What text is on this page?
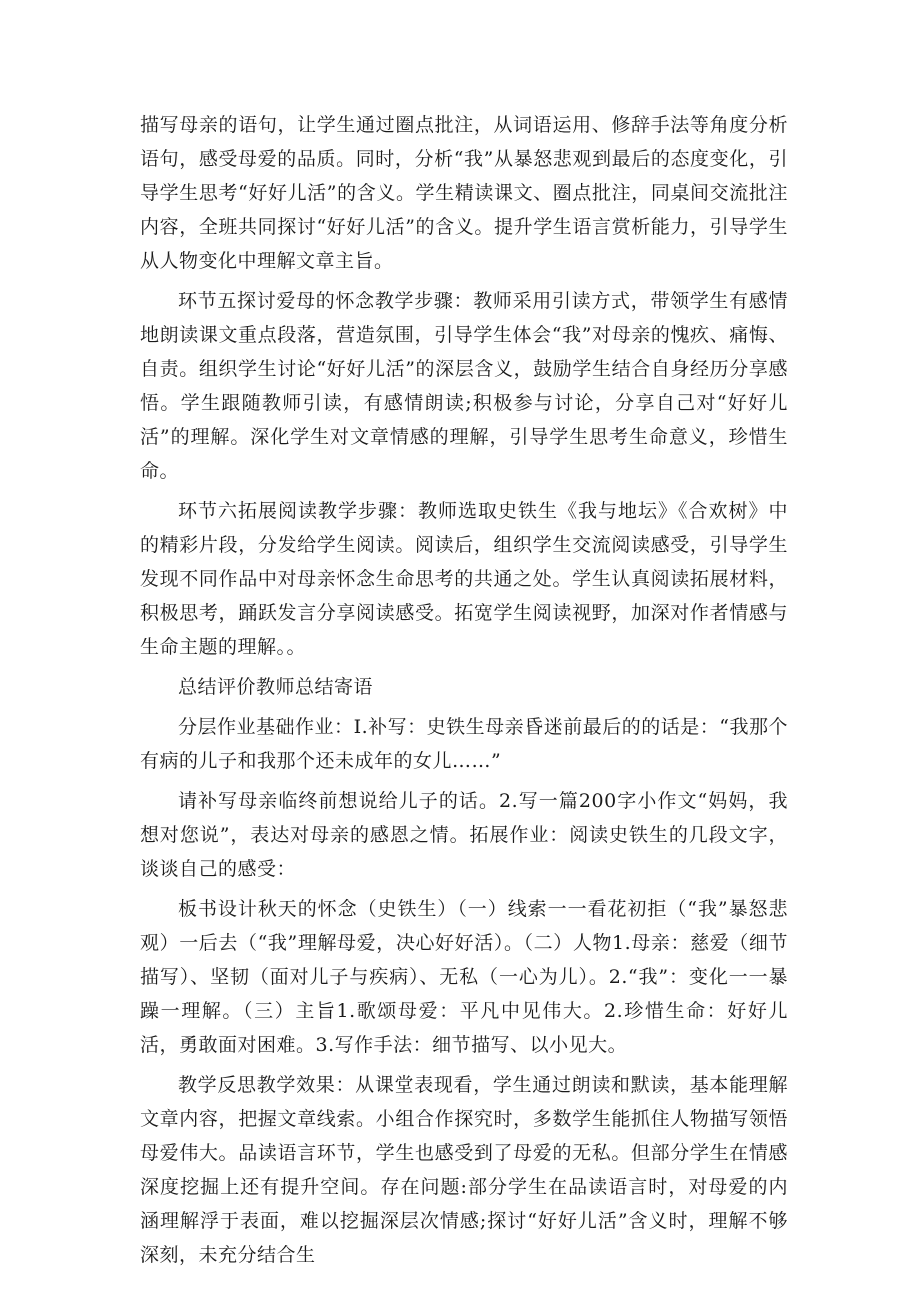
描写母亲的语句，让学生通过圈点批注，从词语运用、修辞手法等角度分析语句，感受母爱的品质。同时，分析“我”从暴怒悲观到最后的态度变化，引导学生思考“好好儿活”的含义。学生精读课文、圈点批注，同桌间交流批注内容，全班共同探讨“好好儿活”的含义。提升学生语言赏析能力，引导学生从人物变化中理解文章主旨。

环节五探讨爱母的怀念教学步骤：教师采用引读方式，带领学生有感情地朗读课文重点段落，营造氛围，引导学生体会“我”对母亲的愧疚、痛悔、自责。组织学生讨论“好好儿活”的深层含义，鼓励学生结合自身经历分享感悟。学生跟随教师引读，有感情朗读;积极参与讨论，分享自己对“好好儿活”的理解。深化学生对文章情感的理解，引导学生思考生命意义，珍惜生命。

环节六拓展阅读教学步骤：教师选取史铁生《我与地坛》《合欢树》中的精彩片段，分发给学生阅读。阅读后，组织学生交流阅读感受，引导学生发现不同作品中对母亲怀念生命思考的共通之处。学生认真阅读拓展材料，积极思考，踊跃发言分享阅读感受。拓宽学生阅读视野，加深对作者情感与生命主题的理解。。

总结评价教师总结寄语

分层作业基础作业：I.补写：史铁生母亲昏迷前最后的的话是：“我那个有病的儿子和我那个还未成年的女儿……”

请补写母亲临终前想说给儿子的话。2.写一篇200字小作文“妈妈，我想对您说”，表达对母亲的感恩之情。拓展作业：阅读史铁生的几段文字，谈谈自己的感受：

板书设计秋天的怀念（史铁生）（一）线索一一看花初拒（“我”暴怒悲观）一后去（“我”理解母爱，决心好好活）。（二）人物1.母亲：慈爱（细节描写）、坚韧（面对儿子与疾病）、无私（一心为儿）。2.“我”：变化一一暴躁一理解。（三）主旨1.歌颂母爱：平凡中见伟大。2.珍惜生命：好好儿活，勇敢面对困难。3.写作手法：细节描写、以小见大。

教学反思教学效果：从课堂表现看，学生通过朗读和默读，基本能理解文章内容，把握文章线索。小组合作探究时，多数学生能抓住人物描写领悟母爱伟大。品读语言环节，学生也感受到了母爱的无私。但部分学生在情感深度挖掘上还有提升空间。存在问题:部分学生在品读语言时，对母爱的内涵理解浮于表面，难以挖掘深层次情感;探讨“好好儿活”含义时，理解不够深刻，未充分结合生
